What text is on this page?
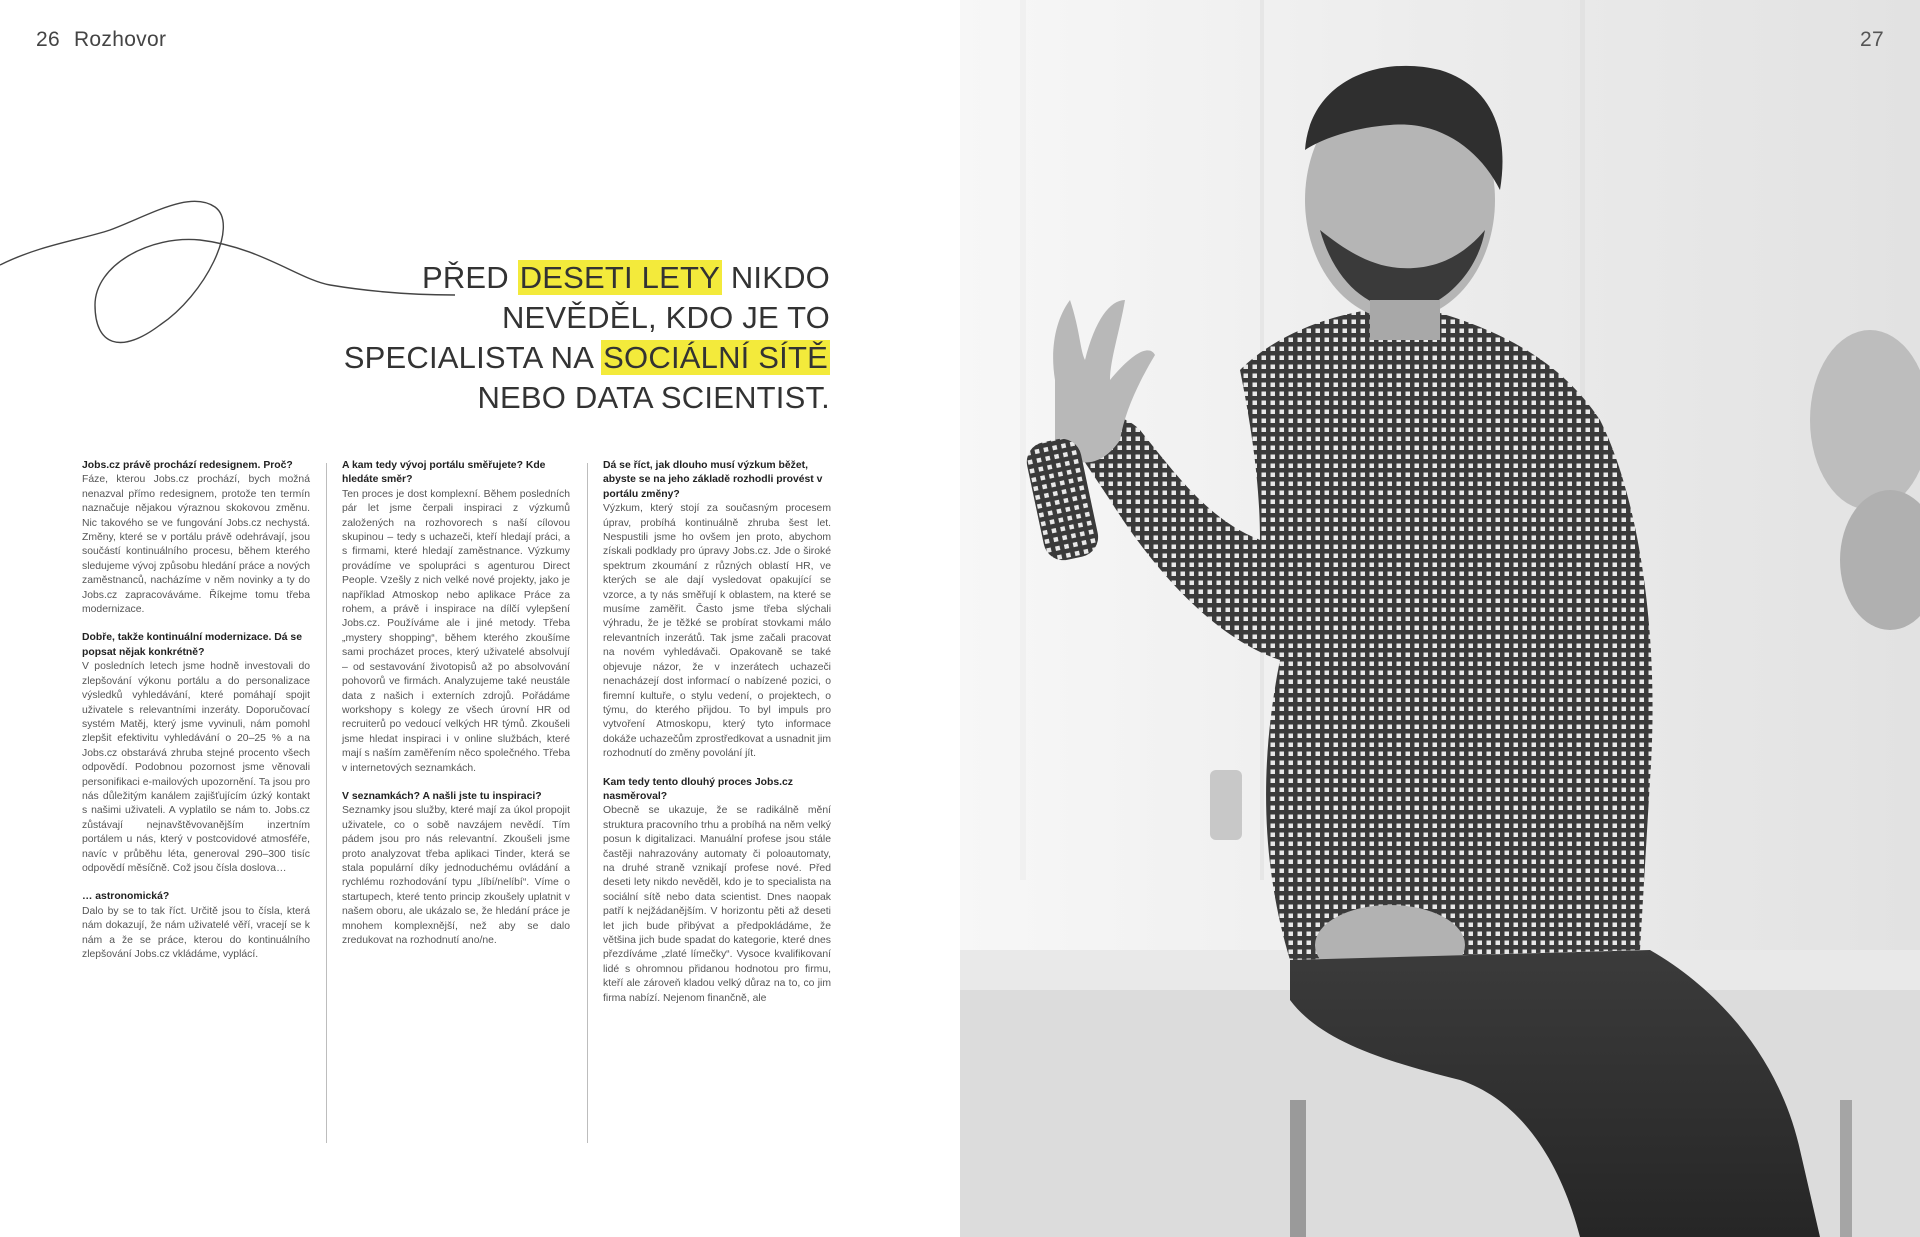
26 Rozhovor
PŘED DESETI LETY NIKDO
NEVĚDĚL, KDO JE TO
SPECIALISTA NA SOCIÁLNÍ SÍTĚ
NEBO DATA SCIENTIST.

Jobs.cz právě prochází redesignem. Proč?

Fáze, kterou Jobs.cz prochází, bych možná nenazval přímo redesignem, protože ten termín naznačuje nějakou výraznou skokovou změnu. Nic takového se ve fungování Jobs.cz nechystá. Změny, které se v portálu právě odehrávají, jsou součástí kontinuálního procesu, během kterého sledujeme vývoj způsobu hledání práce a nových zaměstnanců, nacházíme v něm novinky a ty do Jobs.cz zapracováváme. Říkejme tomu třeba modernizace.

Dobře, takže kontinuální modernizace. Dá se popsat nějak konkrétně?

V posledních letech jsme hodně investovali do zlepšování výkonu portálu a do personalizace výsledků vyhledávání, které pomáhají spojit uživatele s relevantními inzeráty. Doporučovací systém Matěj, který jsme vyvinuli, nám pomohl zlepšit efektivitu vyhledávání o 20–25 % a na Jobs.cz obstarává zhruba stejné procento všech odpovědí. Podobnou pozornost jsme věnovali personifikaci e-mailových upozornění. Ta jsou pro nás důležitým kanálem zajišťujícím úzký kontakt s našimi uživateli. A vyplatilo se nám to. Jobs.cz zůstávají nejnavštěvovanějším inzertním portálem u nás, který v postcovidové atmosféře, navíc v průběhu léta, generoval 290–300 tisíc odpovědí měsíčně. Což jsou čísla doslova…

… astronomická?

Dalo by se to tak říct. Určitě jsou to čísla, která nám dokazují, že nám uživatelé věří, vracejí se k nám a že se práce, kterou do kontinuálního zlepšování Jobs.cz vkládáme, vyplácí.

A kam tedy vývoj portálu směřujete? Kde hledáte směr?

Ten proces je dost komplexní. Během posledních pár let jsme čerpali inspiraci z výzkumů založených na rozhovorech s naší cílovou skupinou – tedy s uchazeči, kteří hledají práci, a s firmami, které hledají zaměstnance. Výzkumy provádíme ve spolupráci s agenturou Direct People. Vzešly z nich velké nové projekty, jako je například Atmoskop nebo aplikace Práce za rohem, a právě i inspirace na dílčí vylepšení Jobs.cz. Používáme ale i jiné metody. Třeba „mystery shopping“, během kterého zkoušíme sami procházet proces, který uživatelé absolvují – od sestavování životopisů až po absolvování pohovorů ve firmách. Analyzujeme také neustále data z našich i externích zdrojů. Pořádáme workshopy s kolegy ze všech úrovní HR od recruiterů po vedoucí velkých HR týmů. Zkoušeli jsme hledat inspiraci i v online službách, které mají s naším zaměřením něco společného. Třeba v internetových seznamkách.

V seznamkách? A našli jste tu inspiraci?

Seznamky jsou služby, které mají za úkol propojit uživatele, co o sobě navzájem nevědí. Tím pádem jsou pro nás relevantní. Zkoušeli jsme proto analyzovat třeba aplikaci Tinder, která se stala populární díky jednoduchému ovládání a rychlému rozhodování typu „líbí/nelíbí“. Víme o startupech, které tento princip zkoušely uplatnit v našem oboru, ale ukázalo se, že hledání práce je mnohem komplexnější, než aby se dalo zredukovat na rozhodnutí ano/ne.

Dá se říct, jak dlouho musí výzkum běžet, abyste se na jeho základě rozhodli provést v portálu změny?

Výzkum, který stojí za současným procesem úprav, probíhá kontinuálně zhruba šest let. Nespustili jsme ho ovšem jen proto, abychom získali podklady pro úpravy Jobs.cz. Jde o široké spektrum zkoumání z různých oblastí HR, ve kterých se ale dají vysledovat opakující se vzorce, a ty nás směřují k oblastem, na které se musíme zaměřit. Často jsme třeba slýchali výhradu, že je těžké se probírat stovkami málo relevantních inzerátů. Tak jsme začali pracovat na novém vyhledávači. Opakovaně se také objevuje názor, že v inzerátech uchazeči nenacházejí dost informací o nabízené pozici, o firemní kultuře, o stylu vedení, o projektech, o týmu, do kterého přijdou. To byl impuls pro vytvoření Atmoskopu, který tyto informace dokáže uchazečům zprostředkovat a usnadnit jim rozhodnutí do změny povolání jít.

Kam tedy tento dlouhý proces Jobs.cz nasměroval?

Obecně se ukazuje, že se radikálně mění struktura pracovního trhu a probíhá na něm velký posun k digitalizaci. Manuální profese jsou stále častěji nahrazovány automaty či poloautomaty, na druhé straně vznikají profese nové. Před deseti lety nikdo nevěděl, kdo je to specialista na sociální sítě nebo data scientist. Dnes naopak patří k nejžádanějším. V horizontu pěti až deseti let jich bude přibývat a předpokládáme, že většina jich bude spadat do kategorie, které dnes přezdíváme „zlaté límečky“. Vysoce kvalifikovaní lidé s ohromnou přidanou hodnotou pro firmu, kteří ale zároveň kladou velký důraz na to, co jim firma nabízí. Nejenom finančně, ale

27
